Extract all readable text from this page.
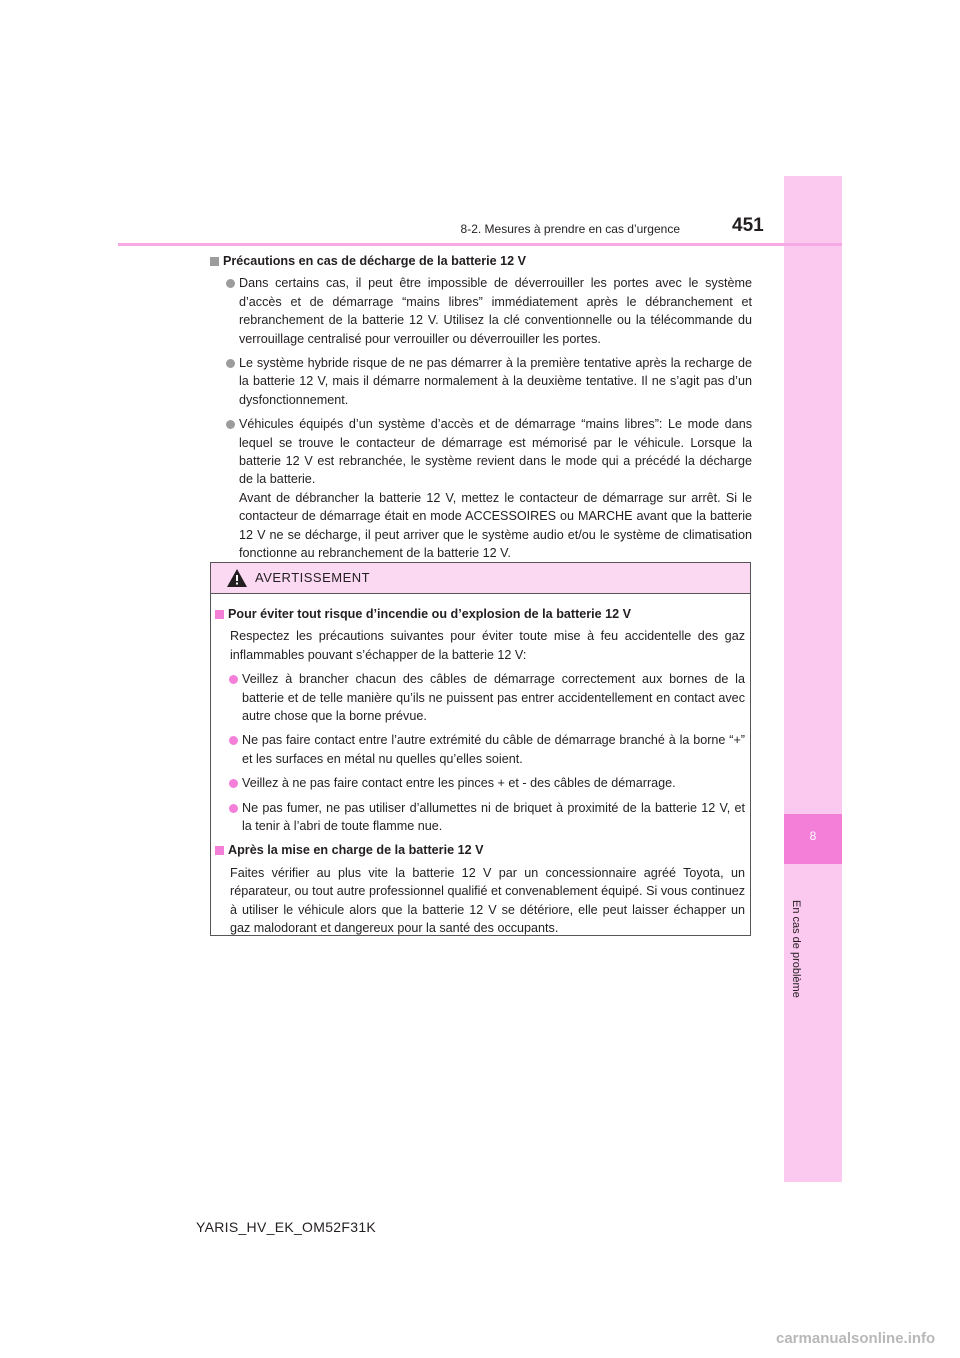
8
En cas de problème
8-2. Mesures à prendre en cas d’urgence	451
Précautions en cas de décharge de la batterie 12 V
Dans certains cas, il peut être impossible de déverrouiller les portes avec le système d’accès et de démarrage “mains libres” immédiatement après le débranchement et rebranchement de la batterie 12 V. Utilisez la clé conventionnelle ou la télécommande du verrouillage centralisé pour verrouiller ou déverrouiller les portes.
Le système hybride risque de ne pas démarrer à la première tentative après la recharge de la batterie 12 V, mais il démarre normalement à la deuxième tentative. Il ne s’agit pas d’un dysfonctionnement.
Véhicules équipés d’un système d’accès et de démarrage “mains libres”: Le mode dans lequel se trouve le contacteur de démarrage est mémorisé par le véhicule. Lorsque la batterie 12 V est rebranchée, le système revient dans le mode qui a précédé la décharge de la batterie.
Avant de débrancher la batterie 12 V, mettez le contacteur de démarrage sur arrêt. Si le contacteur de démarrage était en mode ACCESSOIRES ou MARCHE avant que la batterie 12 V ne se décharge, il peut arriver que le système audio et/ou le système de climatisation fonctionne au rebranchement de la batterie 12 V.
AVERTISSEMENT
Pour éviter tout risque d’incendie ou d’explosion de la batterie 12 V
Respectez les précautions suivantes pour éviter toute mise à feu accidentelle des gaz inflammables pouvant s’échapper de la batterie 12 V:
Veillez à brancher chacun des câbles de démarrage correctement aux bornes de la batterie et de telle manière qu’ils ne puissent pas entrer accidentellement en contact avec autre chose que la borne prévue.
Ne pas faire contact entre l’autre extrémité du câble de démarrage branché à la borne “+” et les surfaces en métal nu quelles qu’elles soient.
Veillez à ne pas faire contact entre les pinces + et - des câbles de démarrage.
Ne pas fumer, ne pas utiliser d’allumettes ni de briquet à proximité de la batterie 12 V, et la tenir à l’abri de toute flamme nue.
Après la mise en charge de la batterie 12 V
Faites vérifier au plus vite la batterie 12 V par un concessionnaire agréé Toyota, un réparateur, ou tout autre professionnel qualifié et convenablement équipé. Si vous continuez à utiliser le véhicule alors que la batterie 12 V se détériore, elle peut laisser échapper un gaz malodorant et dangereux pour la santé des occupants.
YARIS_HV_EK_OM52F31K
carmanualsonline.info
